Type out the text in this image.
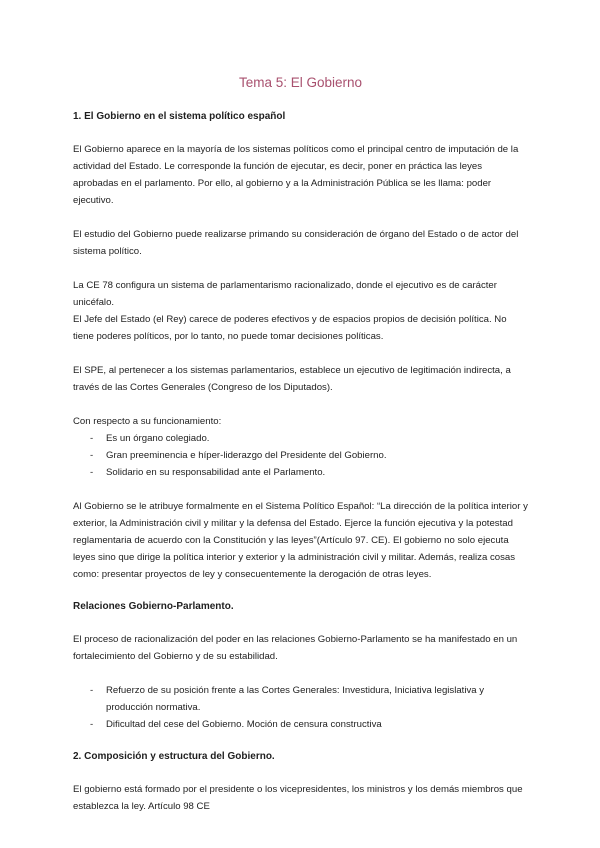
Tema 5: El Gobierno
1. El Gobierno en el sistema político español

El Gobierno aparece en la mayoría de los sistemas políticos como el principal centro de imputación de la actividad del Estado. Le corresponde la función de ejecutar, es decir, poner en práctica las leyes aprobadas en el parlamento. Por ello, al gobierno y a la Administración Pública se les llama: poder ejecutivo.

El estudio del Gobierno puede realizarse primando su consideración de órgano del Estado o de actor del sistema político.

La CE 78 configura un sistema de parlamentarismo racionalizado, donde el ejecutivo es de carácter unicéfalo.

El Jefe del Estado (el Rey) carece de poderes efectivos y de espacios propios de decisión política. No tiene poderes políticos, por lo tanto, no puede tomar decisiones políticas.

El SPE, al pertenecer a los sistemas parlamentarios, establece un ejecutivo de legitimación indirecta, a través de las Cortes Generales (Congreso de los Diputados).

Con respecto a su funcionamiento:

- Es un órgano colegiado.
- Gran preeminencia e híper-liderazgo del Presidente del Gobierno.
- Solidario en su responsabilidad ante el Parlamento.

Al Gobierno se le atribuye formalmente en el Sistema Político Español: “La dirección de la política interior y exterior, la Administración civil y militar y la defensa del Estado. Ejerce la función ejecutiva y la potestad reglamentaria de acuerdo con la Constitución y las leyes”(Artículo 97. CE). El gobierno no solo ejecuta leyes sino que dirige la política interior y exterior y la administración civil y militar. Además, realiza cosas como: presentar proyectos de ley y consecuentemente la derogación de otras leyes.

Relaciones Gobierno-Parlamento.

El proceso de racionalización del poder en las relaciones Gobierno-Parlamento se ha manifestado en un fortalecimiento del Gobierno y de su estabilidad.

- Refuerzo de su posición frente a las Cortes Generales: Investidura, Iniciativa legislativa y producción normativa.
- Dificultad del cese del Gobierno. Moción de censura constructiva
2. Composición y estructura del Gobierno.

El gobierno está formado por el presidente o los vicepresidentes, los ministros y los demás miembros que establezca la ley. Artículo 98 CE
